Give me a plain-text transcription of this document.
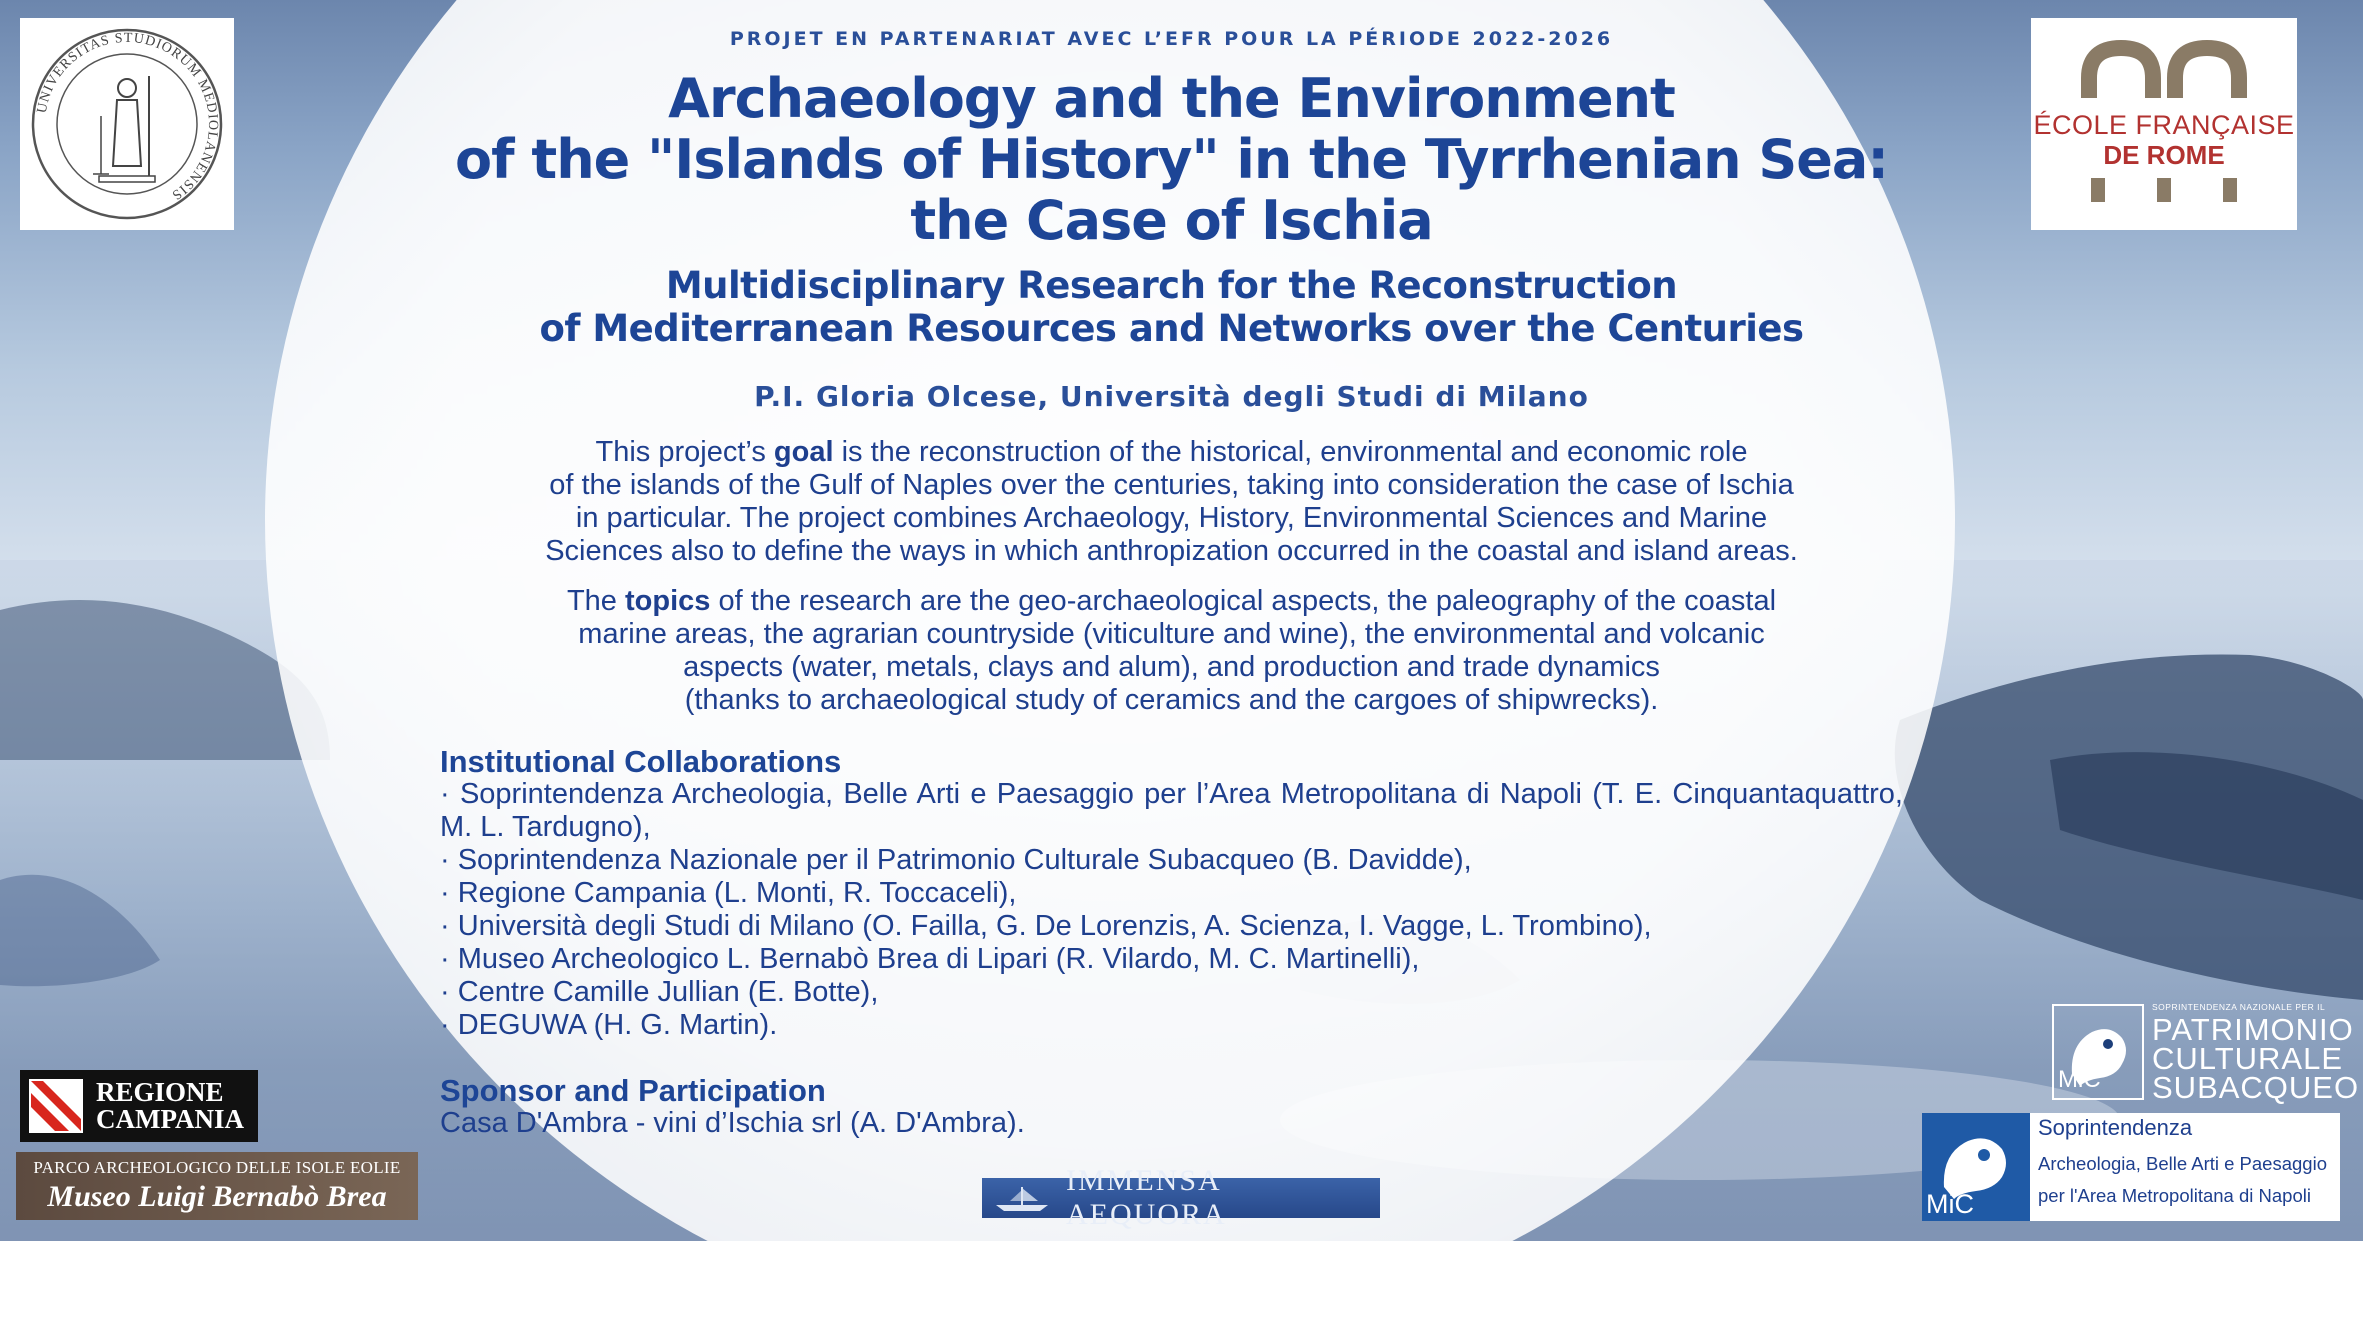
PROJET EN PARTENARIAT AVEC L’EFR POUR LA PÉRIODE 2022-2026
Archaeology and the Environment
of the "Islands of History" in the Tyrrhenian Sea:
the Case of Ischia
Multidisciplinary Research for the Reconstruction
of Mediterranean Resources and Networks over the Centuries
P.I. Gloria Olcese, Università degli Studi di Milano
This project’s goal is the reconstruction of the historical, environmental and economic role
of the islands of the Gulf of Naples over the centuries, taking into consideration the case of Ischia
in particular. The project combines Archaeology, History, Environmental Sciences and Marine
Sciences also to define the ways in which anthropization occurred in the coastal and island areas.
The topics of the research are the geo-archaeological aspects, the paleography of the coastal
marine areas, the agrarian countryside (viticulture and wine), the environmental and volcanic
aspects (water, metals, clays and alum), and production and trade dynamics
(thanks to archaeological study of ceramics and the cargoes of shipwrecks).
Institutional Collaborations
· Soprintendenza Archeologia, Belle Arti e Paesaggio per l’Area Metropolitana di Napoli (T. E. Cinquantaquattro, M. L. Tardugno),
· Soprintendenza Nazionale per il Patrimonio Culturale Subacqueo (B. Davidde),
· Regione Campania (L. Monti, R. Toccaceli),
· Università degli Studi di Milano (O. Failla, G. De Lorenzis, A. Scienza, I. Vagge, L. Trombino),
· Museo Archeologico L. Bernabò Brea di Lipari (R. Vilardo, M. C. Martinelli),
· Centre Camille Jullian (E. Botte),
· DEGUWA (H. G. Martin).
Sponsor and Participation
Casa D'Ambra - vini d’Ischia srl (A. D'Ambra).
UNIVERSITAS STUDIORUM MEDIOLANENSIS
ÉCOLE FRANÇAISE
DE ROME
REGIONE
CAMPANIA
PARCO ARCHEOLOGICO DELLE ISOLE EOLIE
Museo Luigi Bernabò Brea	IMMENSA AEQUORA
MiC
SOPRINTENDENZA NAZIONALE PER IL
PATRIMONIO
CULTURALE
SUBACQUEO
MiC
Soprintendenza
Archeologia, Belle Arti e Paesaggio
per l'Area Metropolitana di Napoli
